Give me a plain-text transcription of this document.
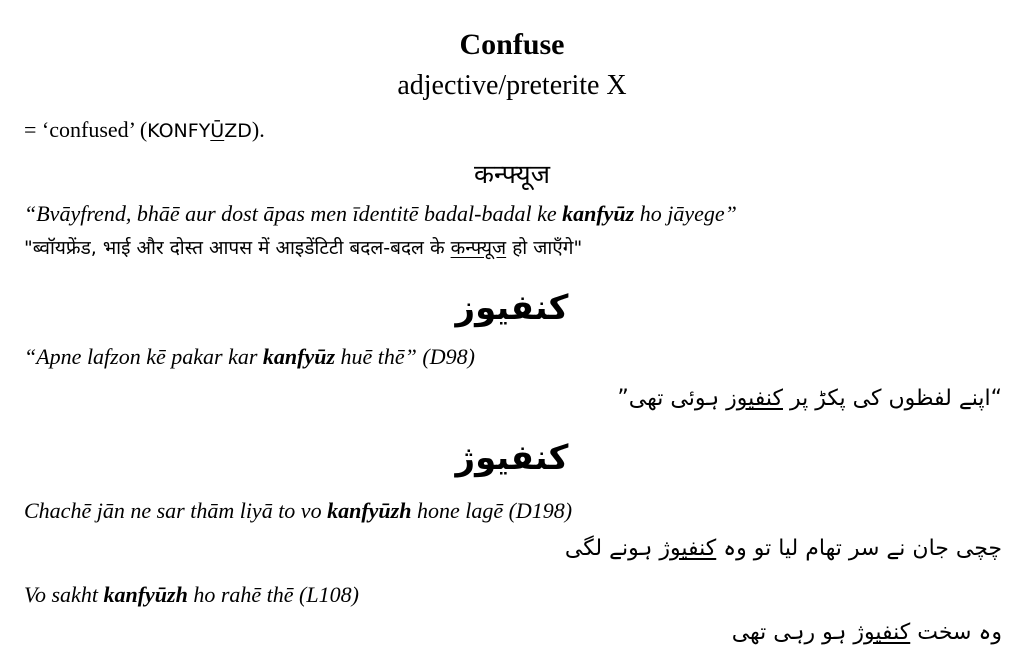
Confuse
adjective/preterite X
= ‘confused’ (KONFYŪZD).
कन्फ्यूज
“Bvāyfrend, bhāē aur dost āpas men īdentitē badal-badal ke kanfyūz ho jāyege”
"ब्वॉयफ्रेंड, भाई और दोस्त आपस में आइडेंटिटी बदल-बदल के कन्फ्यूज हो जाएँगे"
کنفیوز
“Apne lafzon kē pakar kar kanfyūz huē thē” (D98)
“اپنے لفظوں کی پکڑ پر کنفیوز ہوئی تھی”
کنفیوژ
Chachē jān ne sar thām liyā to vo kanfyūzh hone lagē (D198)
چچی جان نے سر تھام لیا تو وہ کنفیوژ ہونے لگی
Vo sakht kanfyūzh ho rahē thē (L108)
وہ سخت کنفیوژ ہو رہی تھی
